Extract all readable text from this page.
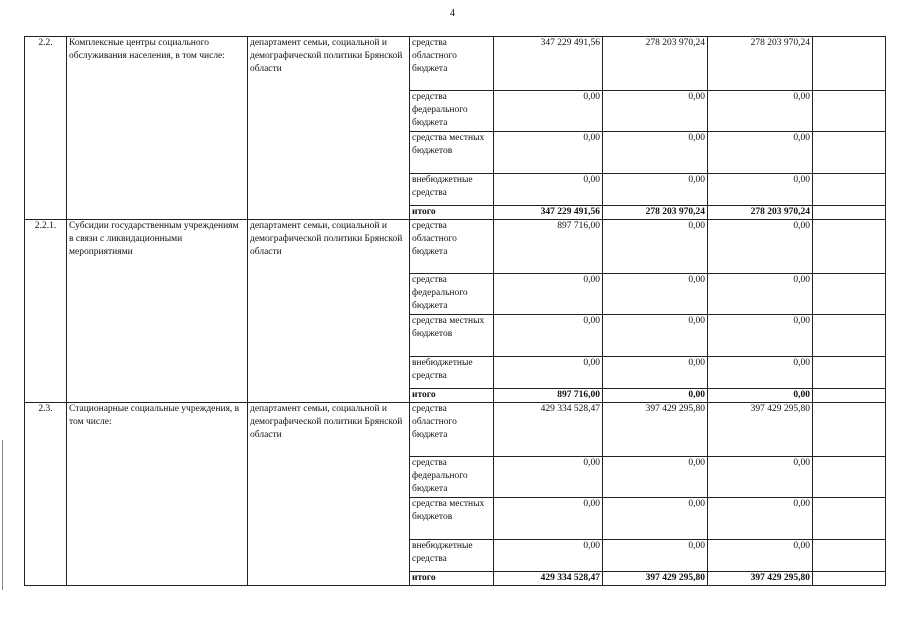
4
2.2.	Комплексные центры социального обслуживания населения, в том числе:	департамент семьи, социальной и демографической политики Брянской области	средства областного бюджета	347 229 491,56	278 203 970,24	278 203 970,24	
			средства федерального бюджета	0,00	0,00	0,00	
			средства местных бюджетов	0,00	0,00	0,00	
			внебюджетные средства	0,00	0,00	0,00	
			итого	347 229 491,56	278 203 970,24	278 203 970,24	
2.2.1.	Субсидии государственным учреждениям в связи с ликвидационными мероприятиями	департамент семьи, социальной и демографической политики Брянской области	средства областного бюджета	897 716,00	0,00	0,00	
			средства федерального бюджета	0,00	0,00	0,00	
			средства местных бюджетов	0,00	0,00	0,00	
			внебюджетные средства	0,00	0,00	0,00	
			итого	897 716,00	0,00	0,00	
2.3.	Стационарные социальные учреждения, в том числе:	департамент семьи, социальной и демографической политики Брянской области	средства областного бюджета	429 334 528,47	397 429 295,80	397 429 295,80	
			средства федерального бюджета	0,00	0,00	0,00	
			средства местных бюджетов	0,00	0,00	0,00	
			внебюджетные средства	0,00	0,00	0,00	
			итого	429 334 528,47	397 429 295,80	397 429 295,80	
